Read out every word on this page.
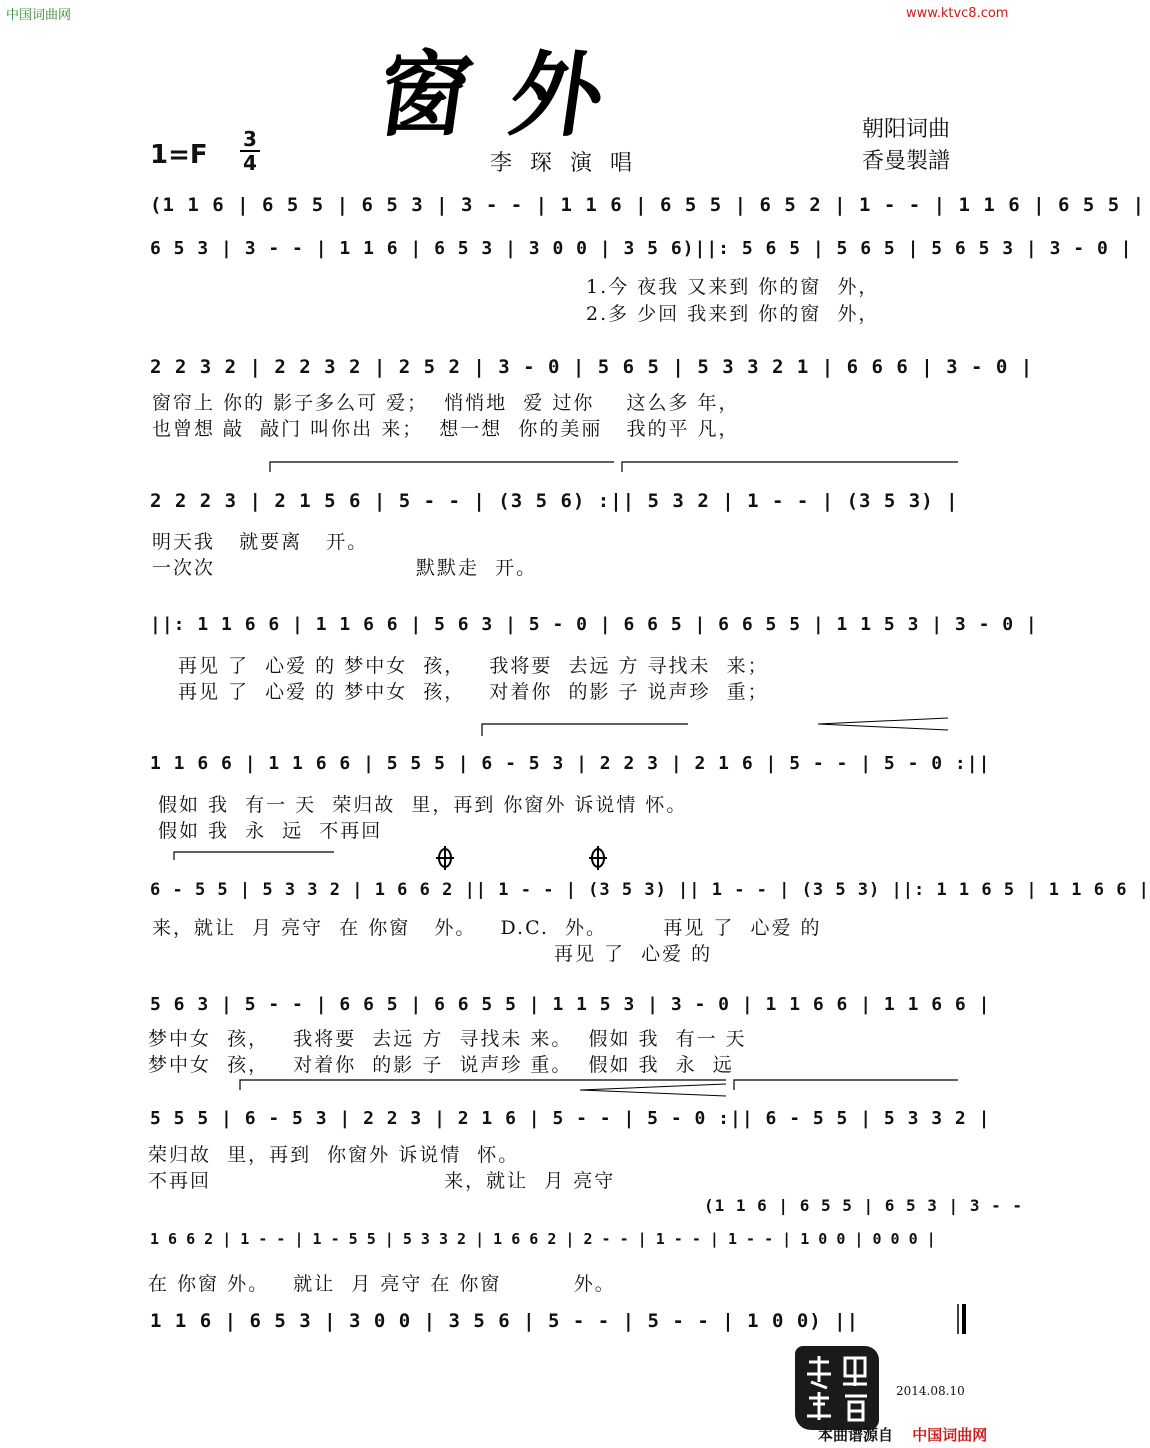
中国词曲网	www.ktvc8.com
窗外	朝阳词曲
香曼製譜
1=F
3
4	李琛演唱
(1 1 6 | 6 5 5 | 6 5 3 | 3 - - | 1 1 6 | 6 5 5 | 6 5 2 | 1 - - | 1 1 6 | 6 5 5 |
6 5 3 | 3 - - | 1 1 6 | 6 5 3 | 3 0 0 | 3 5 6)||: 5 6 5 | 5 6 5 | 5 6 5 3 | 3 - 0 |
1.今 夜我 又来到 你的窗  外，
2.多 少回 我来到 你的窗  外，
2 2 3 2 | 2 2 3 2 | 2 5 2 | 3 - 0 | 5 6 5 | 5 3 3 2 1 | 6 6 6 | 3 - 0 |
窗帘上 你的 影子多么可 爱；  悄悄地  爱 过你    这么多 年，
也曾想 敲  敲门 叫你出 来；  想一想  你的美丽   我的平 凡，
2 2 2 3 | 2 1 5 6 | 5 - - | (3 5 6) :|| 5 3 2 | 1 - - | (3 5 3) |
明天我   就要离   开。
一次次                         默默走  开。
||: 1 1 6 6 | 1 1 6 6 | 5 6 3 | 5 - 0 | 6 6 5 | 6 6 5 5 | 1 1 5 3 | 3 - 0 |
再见 了  心爱 的 梦中女  孩，   我将要  去远 方 寻找未  来；
再见 了  心爱 的 梦中女  孩，   对着你  的影 子 说声珍  重；
1 1 6 6 | 1 1 6 6 | 5 5 5 | 6 - 5 3 | 2 2 3 | 2 1 6 | 5 - - | 5 - 0 :||
假如 我  有一 天  荣归故  里，再到 你窗外 诉说情 怀。
假如 我  永  远  不再回
6 - 5 5 | 5 3 3 2 | 1 6 6 2 || 1 - - | (3 5 3) || 1 - - | (3 5 3) ||: 1 1 6 5 | 1 1 6 6 |
来，就让  月 亮守  在 你窗   外。   D.C.  外。       再见 了  心爱 的
再见 了  心爱 的
5 6 3 | 5 - - | 6 6 5 | 6 6 5 5 | 1 1 5 3 | 3 - 0 | 1 1 6 6 | 1 1 6 6 |
梦中女  孩，   我将要  去远 方  寻找未 来。  假如 我  有一 天
梦中女  孩，   对着你  的影 子  说声珍 重。  假如 我  永  远
5 5 5 | 6 - 5 3 | 2 2 3 | 2 1 6 | 5 - - | 5 - 0 :|| 6 - 5 5 | 5 3 3 2 |
荣归故  里，再到  你窗外 诉说情  怀。
不再回                             来，就让  月 亮守
(1 1 6 | 6 5 5 | 6 5 3 | 3 - -
1 6 6 2 | 1 - - | 1 - 5 5 | 5 3 3 2 | 1 6 6 2 | 2 - - | 1 - - | 1 - - | 1 0 0 | 0 0 0 |
在 你窗 外。   就让  月 亮守 在 你窗         外。
1 1 6 | 6 5 3 | 3 0 0 | 3 5 6 | 5 - - | 5 - - | 1 0 0) ||
2014.08.10
本曲谱源自 中国词曲网
